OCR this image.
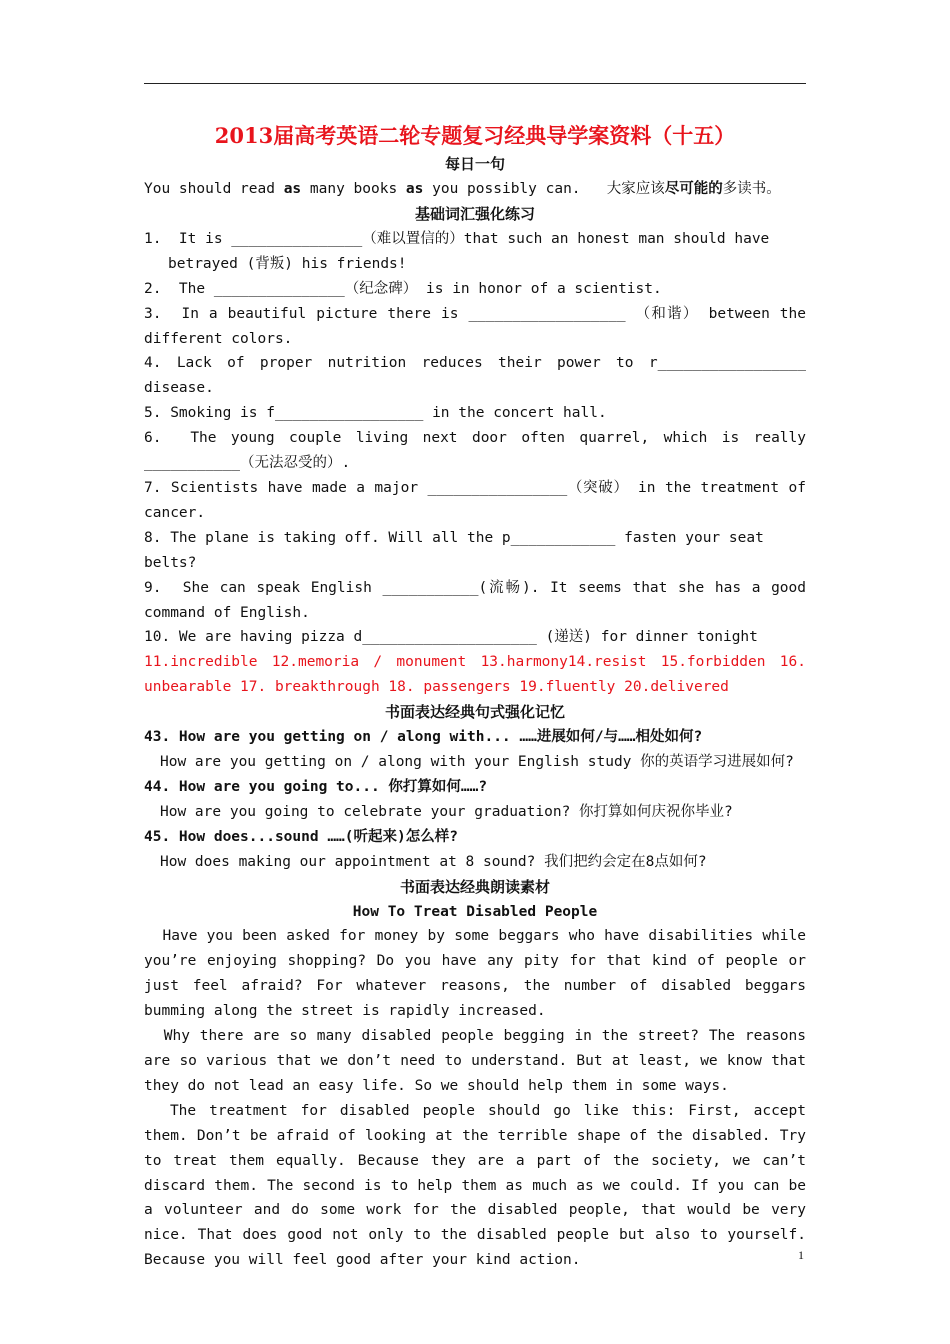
2013届高考英语二轮专题复习经典导学案资料（十五）
每日一句
You should read as many books as you possibly can.   大家应该尽可能的多读书。
基础词汇强化练习
1.  It is _______________（难以置信的）that such an honest man should have
betrayed (背叛) his friends!
2.  The _______________（纪念碑） is in honor of a scientist.
3.  In a beautiful picture there is __________________ （和谐） between the different colors.
4. Lack of proper nutrition reduces their power to r_________________ disease.
5. Smoking is f_________________ in the concert hall.
6.  The young couple living next door often quarrel, which is really ___________（无法忍受的）.
7. Scientists have made a major ________________（突破） in the treatment of cancer.
8. The plane is taking off. Will all the p____________ fasten your seat belts?
9.  She can speak English ___________(流畅). It seems that she has a good command of English.
10. We are having pizza d____________________ (递送) for dinner tonight
11.incredible 12.memoria / monument 13.harmony14.resist 15.forbidden 16. unbearable 17. breakthrough 18. passengers 19.fluently 20.delivered
书面表达经典句式强化记忆
43. How are you getting on / along with... ……进展如何/与……相处如何?
How are you getting on / along with your English study 你的英语学习进展如何?
44. How are you going to... 你打算如何……?
How are you going to celebrate your graduation? 你打算如何庆祝你毕业?
45. How does...sound ……(听起来)怎么样?
How does making our appointment at 8 sound? 我们把约会定在8点如何?
书面表达经典朗读素材
How To Treat Disabled People
Have you been asked for money by some beggars who have disabilities while you’re enjoying shopping? Do you have any pity for that kind of people or just feel afraid? For whatever reasons, the number of disabled beggars bumming along the street is rapidly increased.
Why there are so many disabled people begging in the street? The reasons are so various that we don’t need to understand. But at least, we know that they do not lead an easy life. So we should help them in some ways.
The treatment for disabled people should go like this: First, accept them. Don’t be afraid of looking at the terrible shape of the disabled. Try to treat them equally. Because they are a part of the society, we can’t discard them. The second is to help them as much as we could. If you can be a volunteer and do some work for the disabled people, that would be very nice. That does good not only to the disabled people but also to yourself. Because you will feel good after your kind action.	1
